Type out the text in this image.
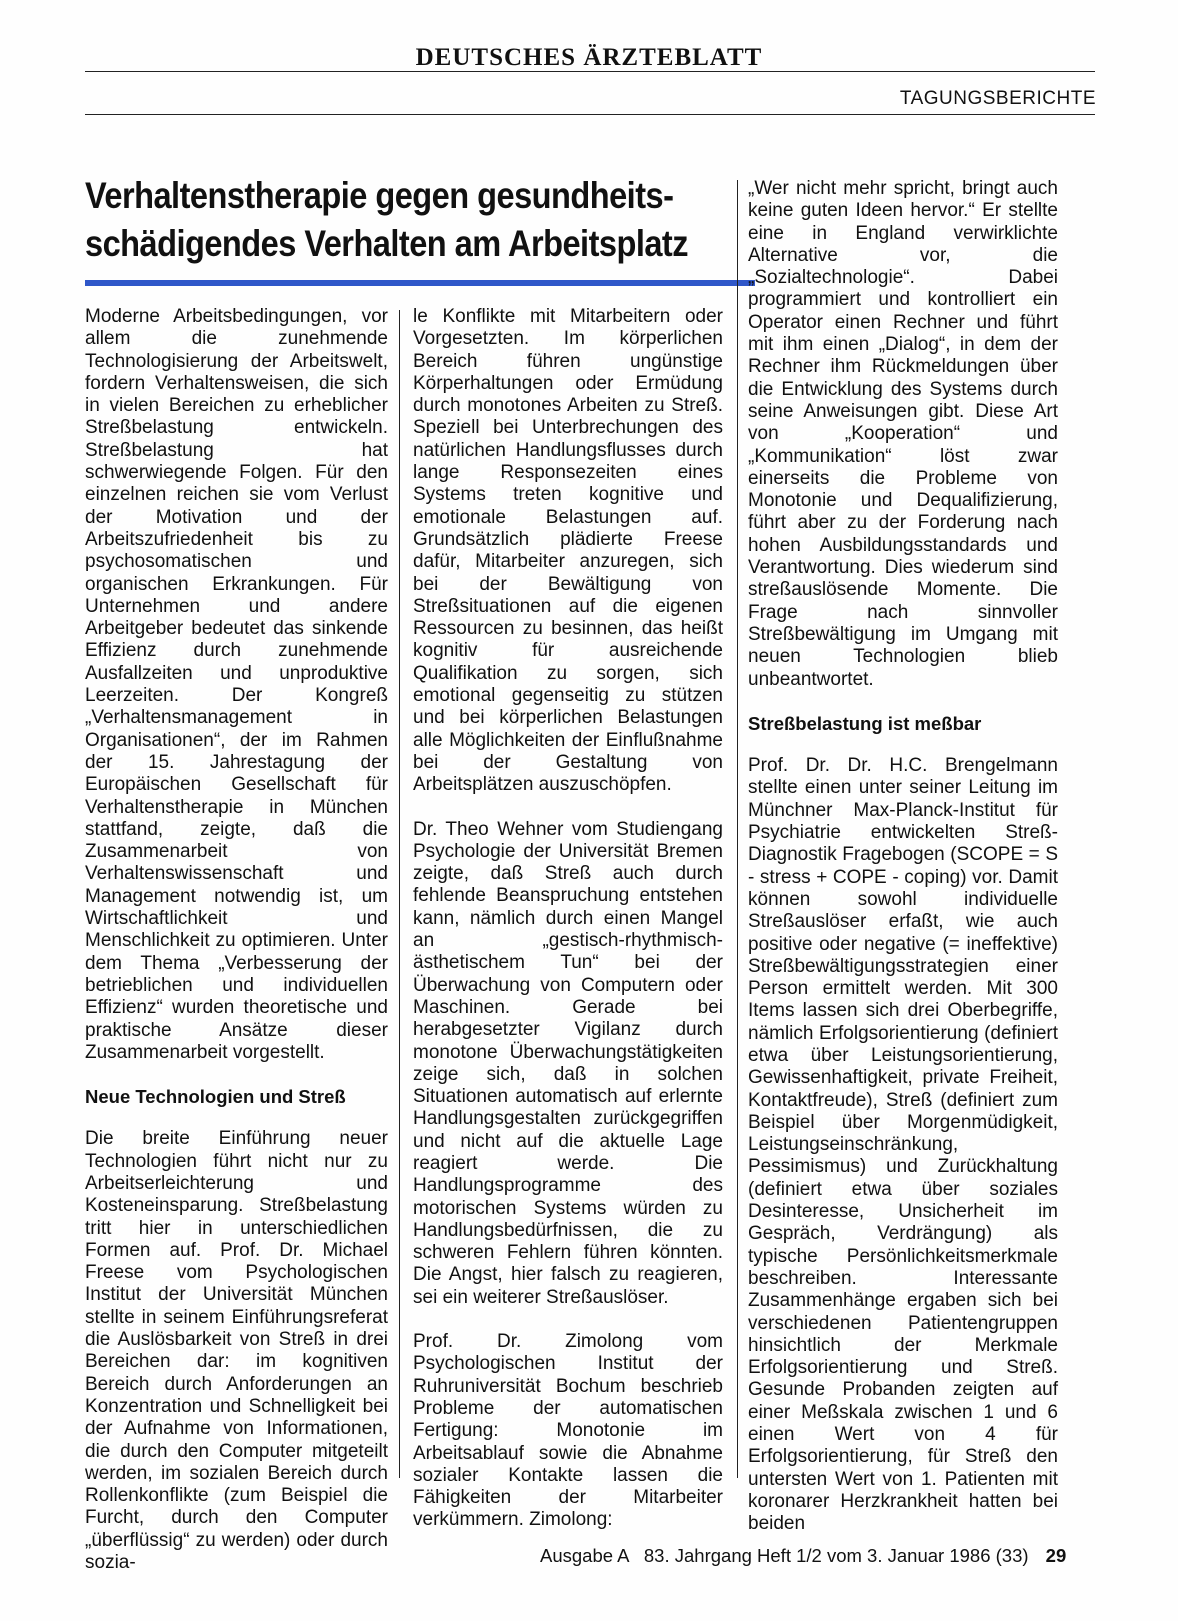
DEUTSCHES ÄRZTEBLATT
TAGUNGSBERICHTE
Verhaltenstherapie gegen gesundheits-
schädigendes Verhalten am Arbeitsplatz

Moderne Arbeitsbedingungen, vor allem die zunehmende Technologisierung der Arbeitswelt, fordern Verhaltensweisen, die sich in vielen Bereichen zu erheblicher Streßbelastung entwickeln. Streßbelastung hat schwerwiegende Folgen. Für den einzelnen reichen sie vom Verlust der Motivation und der Arbeitszufriedenheit bis zu psychosomatischen und organischen Erkrankungen. Für Unternehmen und andere Arbeitgeber bedeutet das sinkende Effizienz durch zunehmende Ausfallzeiten und unproduktive Leerzeiten. Der Kongreß „Verhaltensmanagement in Organisationen“, der im Rahmen der 15. Jahrestagung der Europäischen Gesellschaft für Verhaltenstherapie in München stattfand, zeigte, daß die Zusammenarbeit von Verhaltenswissenschaft und Management notwendig ist, um Wirtschaftlichkeit und Menschlichkeit zu optimieren. Unter dem Thema „Verbesserung der betrieblichen und individuellen Effizienz“ wurden theoretische und praktische Ansätze dieser Zusammenarbeit vorgestellt.

Neue Technologien und Streß

Die breite Einführung neuer Technologien führt nicht nur zu Arbeitserleichterung und Kosteneinsparung. Streßbelastung tritt hier in unterschiedlichen Formen auf. Prof. Dr. Michael Freese vom Psychologischen Institut der Universität München stellte in seinem Einführungsreferat die Auslösbarkeit von Streß in drei Bereichen dar: im kognitiven Bereich durch Anforderungen an Konzentration und Schnelligkeit bei der Aufnahme von Informationen, die durch den Computer mitgeteilt werden, im sozialen Bereich durch Rollenkonflikte (zum Beispiel die Furcht, durch den Computer „überflüssig“ zu werden) oder durch sozia-

le Konflikte mit Mitarbeitern oder Vorgesetzten. Im körperlichen Bereich führen ungünstige Körperhaltungen oder Ermüdung durch monotones Arbeiten zu Streß. Speziell bei Unterbrechungen des natürlichen Handlungsflusses durch lange Responsezeiten eines Systems treten kognitive und emotionale Belastungen auf. Grundsätzlich plädierte Freese dafür, Mitarbeiter anzuregen, sich bei der Bewältigung von Streßsituationen auf die eigenen Ressourcen zu besinnen, das heißt kognitiv für ausreichende Qualifikation zu sorgen, sich emotional gegenseitig zu stützen und bei körperlichen Belastungen alle Möglichkeiten der Einflußnahme bei der Gestaltung von Arbeitsplätzen auszuschöpfen.

Dr. Theo Wehner vom Studiengang Psychologie der Universität Bremen zeigte, daß Streß auch durch fehlende Beanspruchung entstehen kann, nämlich durch einen Mangel an „gestisch-rhythmisch-ästhetischem Tun“ bei der Überwachung von Computern oder Maschinen. Gerade bei herabgesetzter Vigilanz durch monotone Überwachungstätigkeiten zeige sich, daß in solchen Situationen automatisch auf erlernte Handlungsgestalten zurückgegriffen und nicht auf die aktuelle Lage reagiert werde. Die Handlungsprogramme des motorischen Systems würden zu Handlungsbedürfnissen, die zu schweren Fehlern führen könnten. Die Angst, hier falsch zu reagieren, sei ein weiterer Streßauslöser.

Prof. Dr. Zimolong vom Psychologischen Institut der Ruhruniversität Bochum beschrieb Probleme der automatischen Fertigung: Monotonie im Arbeitsablauf sowie die Abnahme sozialer Kontakte lassen die Fähigkeiten der Mitarbeiter verkümmern. Zimolong:

„Wer nicht mehr spricht, bringt auch keine guten Ideen hervor.“ Er stellte eine in England verwirklichte Alternative vor, die „Sozialtechnologie“. Dabei programmiert und kontrolliert ein Operator einen Rechner und führt mit ihm einen „Dialog“, in dem der Rechner ihm Rückmeldungen über die Entwicklung des Systems durch seine Anweisungen gibt. Diese Art von „Kooperation“ und „Kommunikation“ löst zwar einerseits die Probleme von Monotonie und Dequalifizierung, führt aber zu der Forderung nach hohen Ausbildungsstandards und Verantwortung. Dies wiederum sind streßauslösende Momente. Die Frage nach sinnvoller Streßbewältigung im Umgang mit neuen Technologien blieb unbeantwortet.

Streßbelastung ist meßbar

Prof. Dr. Dr. H.C. Brengelmann stellte einen unter seiner Leitung im Münchner Max-Planck-Institut für Psychiatrie entwickelten Streß-Diagnostik Fragebogen (SCOPE = S - stress + COPE - coping) vor. Damit können sowohl individuelle Streßauslöser erfaßt, wie auch positive oder negative (= ineffektive) Streßbewältigungsstrategien einer Person ermittelt werden. Mit 300 Items lassen sich drei Oberbegriffe, nämlich Erfolgsorientierung (definiert etwa über Leistungsorientierung, Gewissenhaftigkeit, private Freiheit, Kontaktfreude), Streß (definiert zum Beispiel über Morgenmüdigkeit, Leistungseinschränkung, Pessimismus) und Zurückhaltung (definiert etwa über soziales Desinteresse, Unsicherheit im Gespräch, Verdrängung) als typische Persönlichkeitsmerkmale beschreiben. Interessante Zusammenhänge ergaben sich bei verschiedenen Patientengruppen hinsichtlich der Merkmale Erfolgsorientierung und Streß. Gesunde Probanden zeigten auf einer Meßskala zwischen 1 und 6 einen Wert von 4 für Erfolgsorientierung, für Streß den untersten Wert von 1. Patienten mit koronarer Herzkrankheit hatten bei beiden

Ausgabe A   83. Jahrgang Heft 1/2 vom 3. Januar 1986 (33) 29
